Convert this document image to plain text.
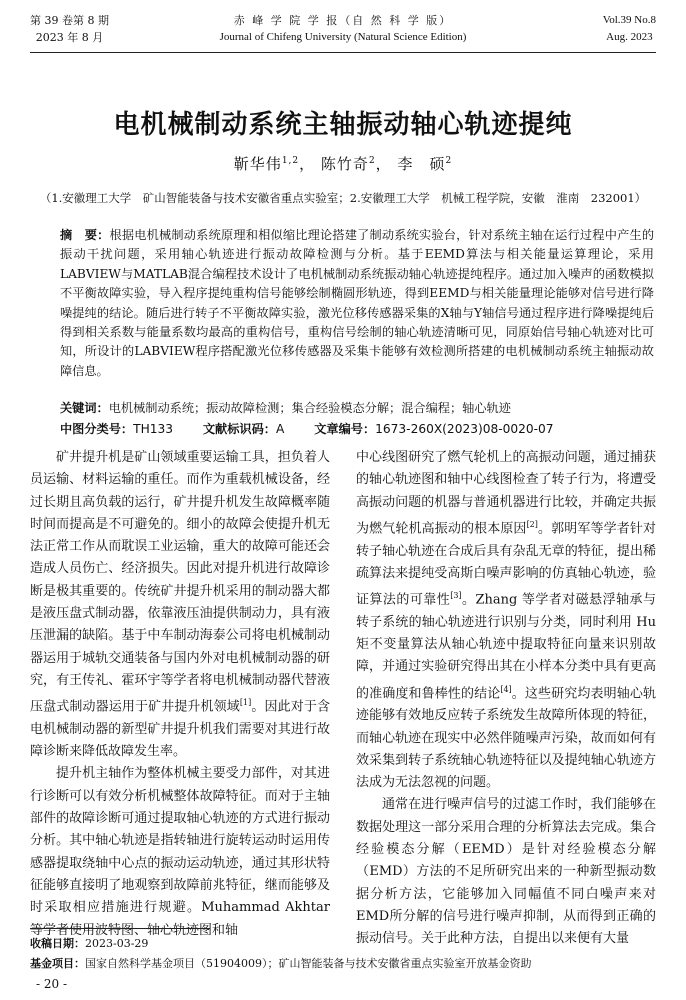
第 39 卷第 8 期
2023 年 8 月
赤 峰 学 院 学 报（自 然 科 学 版）
Journal of Chifeng University (Natural Science Edition)
Vol.39 No.8
Aug. 2023
电机械制动系统主轴振动轴心轨迹提纯
靳华伟$^{1,2}$， 陈竹奇$^2$， 李　硕$^2$
（1.安徽理工大学　矿山智能装备与技术安徽省重点实验室；2.安徽理工大学　机械工程学院，安徽　淮南　232001）
摘　要：根据电机械制动系统原理和相似缩比理论搭建了制动系统实验台，针对系统主轴在运行过程中产生的振动干扰问题，采用轴心轨迹进行振动故障检测与分析。基于EEMD算法与相关能量运算理论，采用LABVIEW与MATLAB混合编程技术设计了电机械制动系统振动轴心轨迹提纯程序。通过加入噪声的函数模拟不平衡故障实验，导入程序提纯重构信号能够绘制椭圆形轨迹，得到EEMD与相关能量理论能够对信号进行降噪提纯的结论。随后进行转子不平衡故障实验，激光位移传感器采集的X轴与Y轴信号通过程序进行降噪提纯后得到相关系数与能量系数均最高的重构信号，重构信号绘制的轴心轨迹清晰可见，同原始信号轴心轨迹对比可知，所设计的LABVIEW程序搭配激光位移传感器及采集卡能够有效检测所搭建的电机械制动系统主轴振动故障信息。
关键词：电机械制动系统；振动故障检测；集合经验模态分解；混合编程；轴心轨迹
中图分类号：TH133 文献标识码：A 文章编号：1673-260X(2023)08-0020-07

矿井提升机是矿山领域重要运输工具，担负着人员运输、材料运输的重任。而作为重载机械设备，经过长期且高负载的运行，矿井提升机发生故障概率随时间而提高是不可避免的。细小的故障会使提升机无法正常工作从而耽误工业运输，重大的故障可能还会造成人员伤亡、经济损失。因此对提升机进行故障诊断是极其重要的。传统矿井提升机采用的制动器大都是液压盘式制动器，依靠液压油提供制动力，具有液压泄漏的缺陷。基于中车制动海泰公司将电机械制动器运用于城轨交通装备与国内外对电机械制动器的研究，有王传礼、霍环宇等学者将电机械制动器代替液压盘式制动器运用于矿井提升机领域[1]。因此对于含电机械制动器的新型矿井提升机我们需要对其进行故障诊断来降低故障发生率。

提升机主轴作为整体机械主要受力部件，对其进行诊断可以有效分析机械整体故障特征。而对于主轴部件的故障诊断可通过提取轴心轨迹的方式进行振动分析。其中轴心轨迹是指转轴进行旋转运动时运用传感器提取绕轴中心点的振动运动轨迹，通过其形状特征能够直接明了地观察到故障前兆特征，继而能够及时采取相应措施进行规避。Muhammad Akhtar 等学者使用波特图、轴心轨迹图和轴

中心线图研究了燃气轮机上的高振动问题，通过捕获的轴心轨迹图和轴中心线图检查了转子行为，将遭受高振动问题的机器与普通机器进行比较，并确定共振为燃气轮机高振动的根本原因[2]。郭明军等学者针对转子轴心轨迹在合成后具有杂乱无章的特征，提出稀疏算法来提纯受高斯白噪声影响的仿真轴心轨迹，验证算法的可靠性[3]。Zhang 等学者对磁悬浮轴承与转子系统的轴心轨迹进行识别与分类，同时利用 Hu 矩不变量算法从轴心轨迹中提取特征向量来识别故障，并通过实验研究得出其在小样本分类中具有更高的准确度和鲁棒性的结论[4]。这些研究均表明轴心轨迹能够有效地反应转子系统发生故障所体现的特征，而轴心轨迹在现实中必然伴随噪声污染，故而如何有效采集到转子系统轴心轨迹特征以及提纯轴心轨迹方法成为无法忽视的问题。

通常在进行噪声信号的过滤工作时，我们能够在数据处理这一部分采用合理的分析算法去完成。集合经验模态分解（EEMD）是针对经验模态分解（EMD）方法的不足所研究出来的一种新型振动数据分析方法，它能够加入同幅值不同白噪声来对EMD所分解的信号进行噪声抑制，从而得到正确的振动信号。关于此种方法，自提出以来便有大量

收稿日期：2023-03-29
基金项目：国家自然科学基金项目（51904009）；矿山智能装备与技术安徽省重点实验室开放基金资助
- 20 -
